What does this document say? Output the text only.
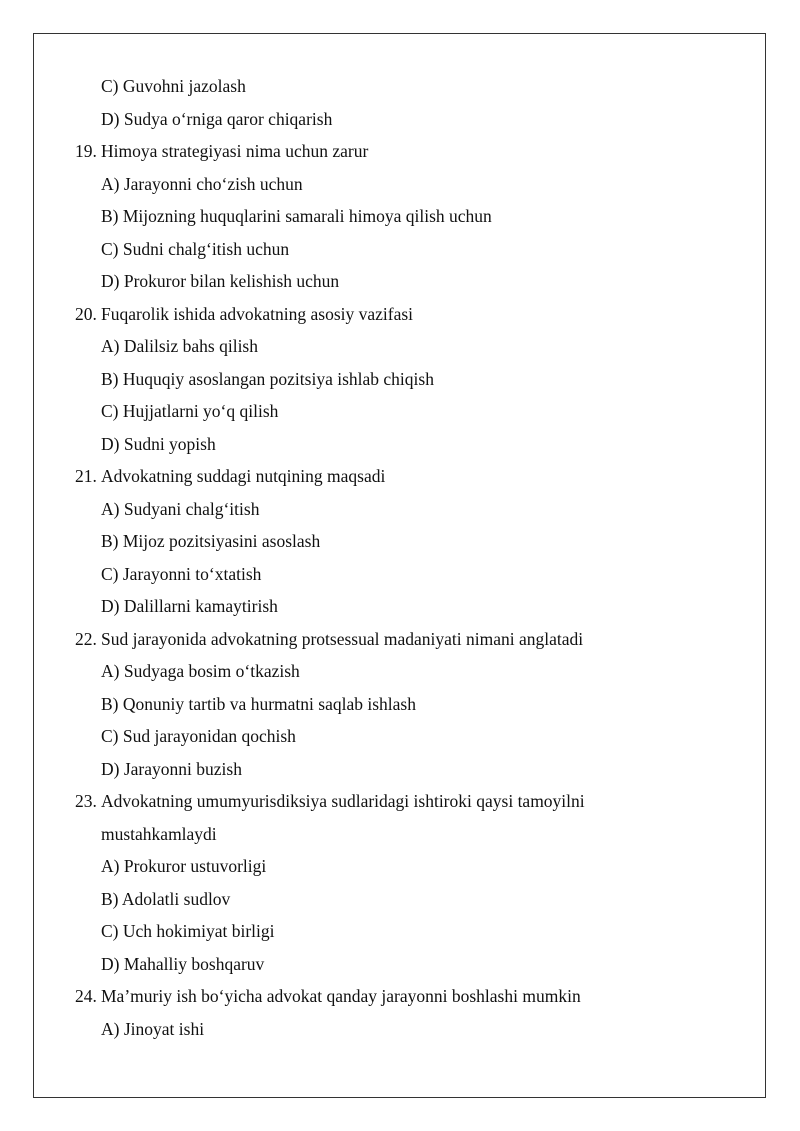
C) Guvohni jazolash
D) Sudya o‘rniga qaror chiqarish
19. Himoya strategiyasi nima uchun zarur
A) Jarayonni cho‘zish uchun
B) Mijozning huquqlarini samarali himoya qilish uchun
C) Sudni chalg‘itish uchun
D) Prokuror bilan kelishish uchun
20. Fuqarolik ishida advokatning asosiy vazifasi
A) Dalilsiz bahs qilish
B) Huquqiy asoslangan pozitsiya ishlab chiqish
C) Hujjatlarni yo‘q qilish
D) Sudni yopish
21. Advokatning suddagi nutqining maqsadi
A) Sudyani chalg‘itish
B) Mijoz pozitsiyasini asoslash
C) Jarayonni to‘xtatish
D) Dalillarni kamaytirish
22. Sud jarayonida advokatning protsessual madaniyati nimani anglatadi
A) Sudyaga bosim o‘tkazish
B) Qonuniy tartib va hurmatni saqlab ishlash
C) Sud jarayonidan qochish
D) Jarayonni buzish
23. Advokatning umumyurisdiksiya sudlaridagi ishtiroki qaysi tamoyilni
mustahkamlaydi
A) Prokuror ustuvorligi
B) Adolatli sudlov
C) Uch hokimiyat birligi
D) Mahalliy boshqaruv
24. Ma’muriy ish bo‘yicha advokat qanday jarayonni boshlashi mumkin
A) Jinoyat ishi
